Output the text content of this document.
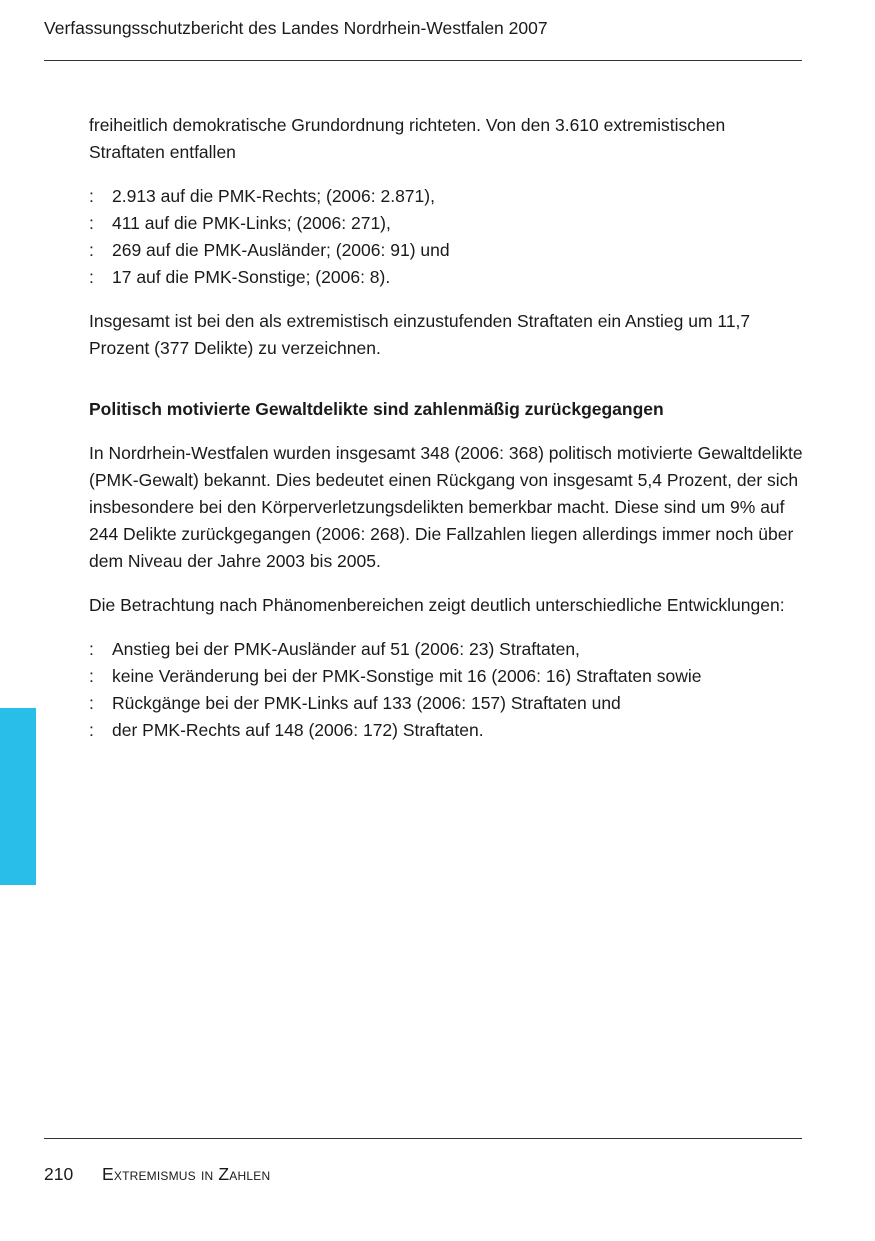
Verfassungsschutzbericht des Landes Nordrhein-Westfalen 2007

freiheitlich demokratische Grundordnung richteten. Von den 3.610 extremistischen Straftaten entfallen

: 2.913 auf die PMK-Rechts; (2006: 2.871),
: 411 auf die PMK-Links; (2006: 271),
: 269 auf die PMK-Ausländer; (2006: 91) und
: 17 auf die PMK-Sonstige; (2006: 8).

Insgesamt ist bei den als extremistisch einzustufenden Straftaten ein Anstieg um 11,7 Prozent (377 Delikte) zu verzeichnen.

Politisch motivierte Gewaltdelikte sind zahlenmäßig zurückgegangen

In Nordrhein-Westfalen wurden insgesamt 348 (2006: 368) politisch motivierte Gewaltdelikte (PMK-Gewalt) bekannt. Dies bedeutet einen Rückgang von insgesamt 5,4 Prozent, der sich insbesondere bei den Körperverletzungsdelikten bemerkbar macht. Diese sind um 9% auf 244 Delikte zurückgegangen (2006: 268). Die Fallzahlen liegen allerdings immer noch über dem Niveau der Jahre 2003 bis 2005.

Die Betrachtung nach Phänomenbereichen zeigt deutlich unterschiedliche Entwicklungen:

: Anstieg bei der PMK-Ausländer auf 51 (2006: 23) Straftaten,
: keine Veränderung bei der PMK-Sonstige mit 16 (2006: 16) Straftaten sowie
: Rückgänge bei der PMK-Links auf 133 (2006: 157) Straftaten und
: der PMK-Rechts auf 148 (2006: 172) Straftaten.
210 Extremismus in Zahlen
